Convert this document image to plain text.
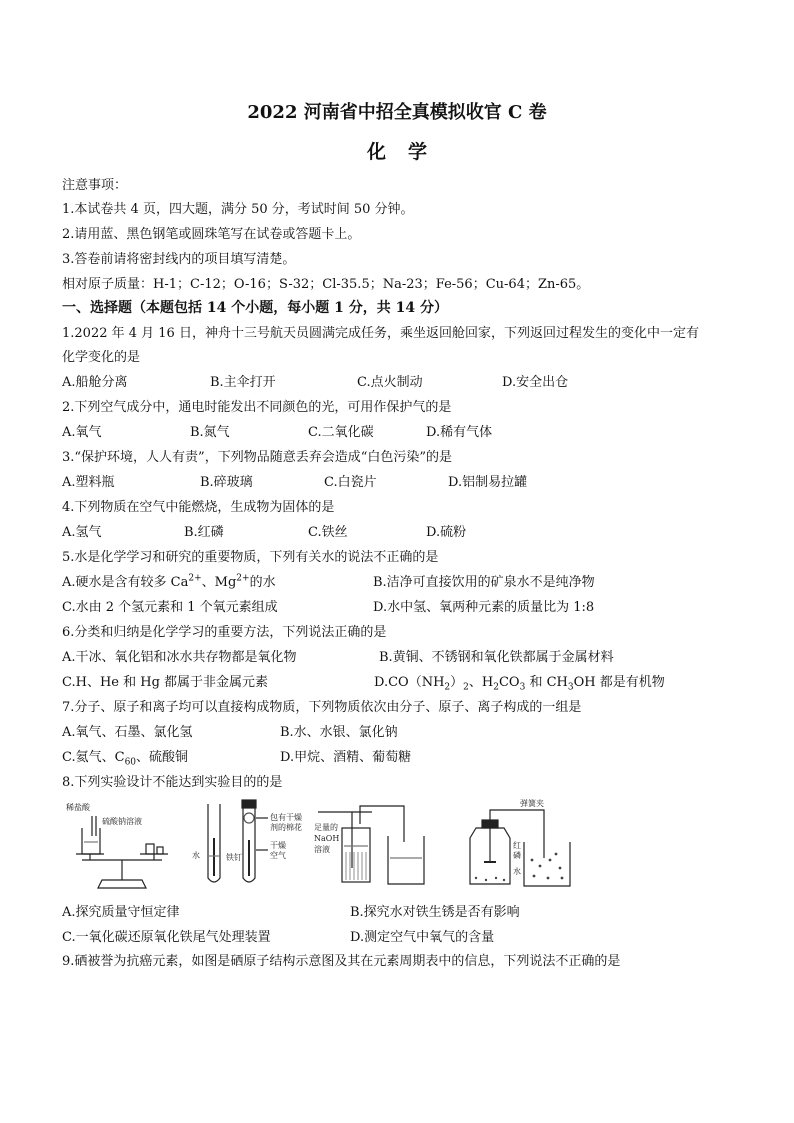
2022 河南省中招全真模拟收官 C 卷
化学
注意事项：
1.本试卷共 4 页，四大题，满分 50 分，考试时间 50 分钟。
2.请用蓝、黑色钢笔或圆珠笔写在试卷或答题卡上。
3.答卷前请将密封线内的项目填写清楚。
相对原子质量：H-1；C-12；O-16；S-32；Cl-35.5；Na-23；Fe-56；Cu-64；Zn-65。
一、选择题（本题包括 14 个小题，每小题 1 分，共 14 分）
1.2022 年 4 月 16 日，神舟十三号航天员圆满完成任务，乘坐返回舱回家，下列返回过程发生的变化中一定有
化学变化的是
A.船舱分离	B.主伞打开	C.点火制动	D.安全出仓
2.下列空气成分中，通电时能发出不同颜色的光，可用作保护气的是
A.氧气	B.氮气	C.二氧化碳	D.稀有气体
3.“保护环境，人人有责”，下列物品随意丢弃会造成“白色污染”的是
A.塑料瓶	B.碎玻璃	C.白瓷片	D.铝制易拉罐
4.下列物质在空气中能燃烧，生成物为固体的是
A.氢气	B.红磷	C.铁丝	D.硫粉
5.水是化学学习和研究的重要物质，下列有关水的说法不正确的是
A.硬水是含有较多 $Ca^{2+}$、$Mg^{2+}$的水	B.洁净可直接饮用的矿泉水不是纯净物
C.水由 2 个氢元素和 1 个氧元素组成	D.水中氢、氧两种元素的质量比为 1:8
6.分类和归纳是化学学习的重要方法，下列说法正确的是
A.干冰、氧化铝和冰水共存物都是氧化物	B.黄铜、不锈钢和氧化铁都属于金属材料
C.H、He 和 Hg 都属于非金属元素	$D.CO(NH_2)_2$、$H_2CO_3$ 和 $CH_3OH$ 都是有机物
7.分子、原子和离子均可以直接构成物质，下列物质依次由分子、原子、离子构成的一组是
A.氧气、石墨、氯化氢	B.水、水银、氯化钠
C.氦气、$C_{60}$、硫酸铜	D.甲烷、酒精、葡萄糖
8.下列实验设计不能达到实验目的的是
稀盐酸
硫酸钠溶液	包有干燥
剂的棉花
干燥
空气
水	铁钉
足量的
NaOH
溶液
弹簧夹
红
磷
水
A.探究质量守恒定律	B.探究水对铁生锈是否有影响
C.一氧化碳还原氧化铁尾气处理装置	D.测定空气中氧气的含量
9.硒被誉为抗癌元素，如图是硒原子结构示意图及其在元素周期表中的信息，下列说法不正确的是
